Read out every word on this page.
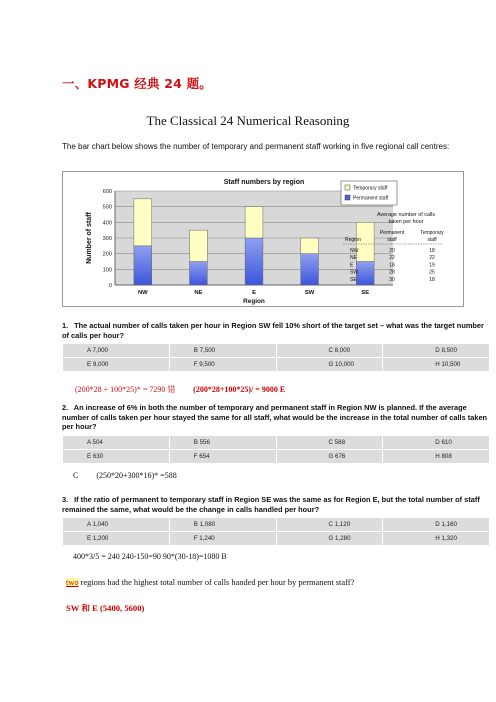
一、KPMG 经典 24 题。
The Classical 24 Numerical Reasoning
The bar chart below shows the number of temporary and permanent staff working in five regional call centres:
0
100
200
300
400
500
600
NW	NE	E	SW	SE
Staff numbers by region
Region
Number of staff
Temporary staff
Permanent staff
Average number of calls
taken per hour
Permanent	Temporary
Region	staff	staff
NW	20	18
NE	22	22
E	18	19
SW	28	25
SE	30	18
1. The actual number of calls taken per hour in Region SW fell 10% short of the target set – what was the target number of calls per hour?
A 7,000	B 7,500	C 8,000	D 8,500
E 9,000	F 9,500	G 10,000	H 10,500
(200*28 + 100*25)* = 7290 错 (200*28+100*25)/ = 9000 E
2. An increase of 6% in both the number of temporary and permanent staff in Region NW is planned. If the average number of calls taken per hour stayed the same for all staff, what would be the increase in the total number of calls taken per hour?
A 504	B 556	C 588	D 610
E 630	F 654	G 676	H 808
C (250*20+300*16)* =588
3. If the ratio of permanent to temporary staff in Region SE was the same as for Region E, but the total number of staff remained the same, what would be the change in calls handled per hour?
A 1,040	B 1,080	C 1,120	D 1,160
E 1,200	F 1,240	G 1,280	H 1,320
400*3/5 = 240 240-150=90 90*(30-18)=1080 B
two regions had the highest total number of calls handed per hour by permanent staff?
SW 和 E (5400, 5600)
